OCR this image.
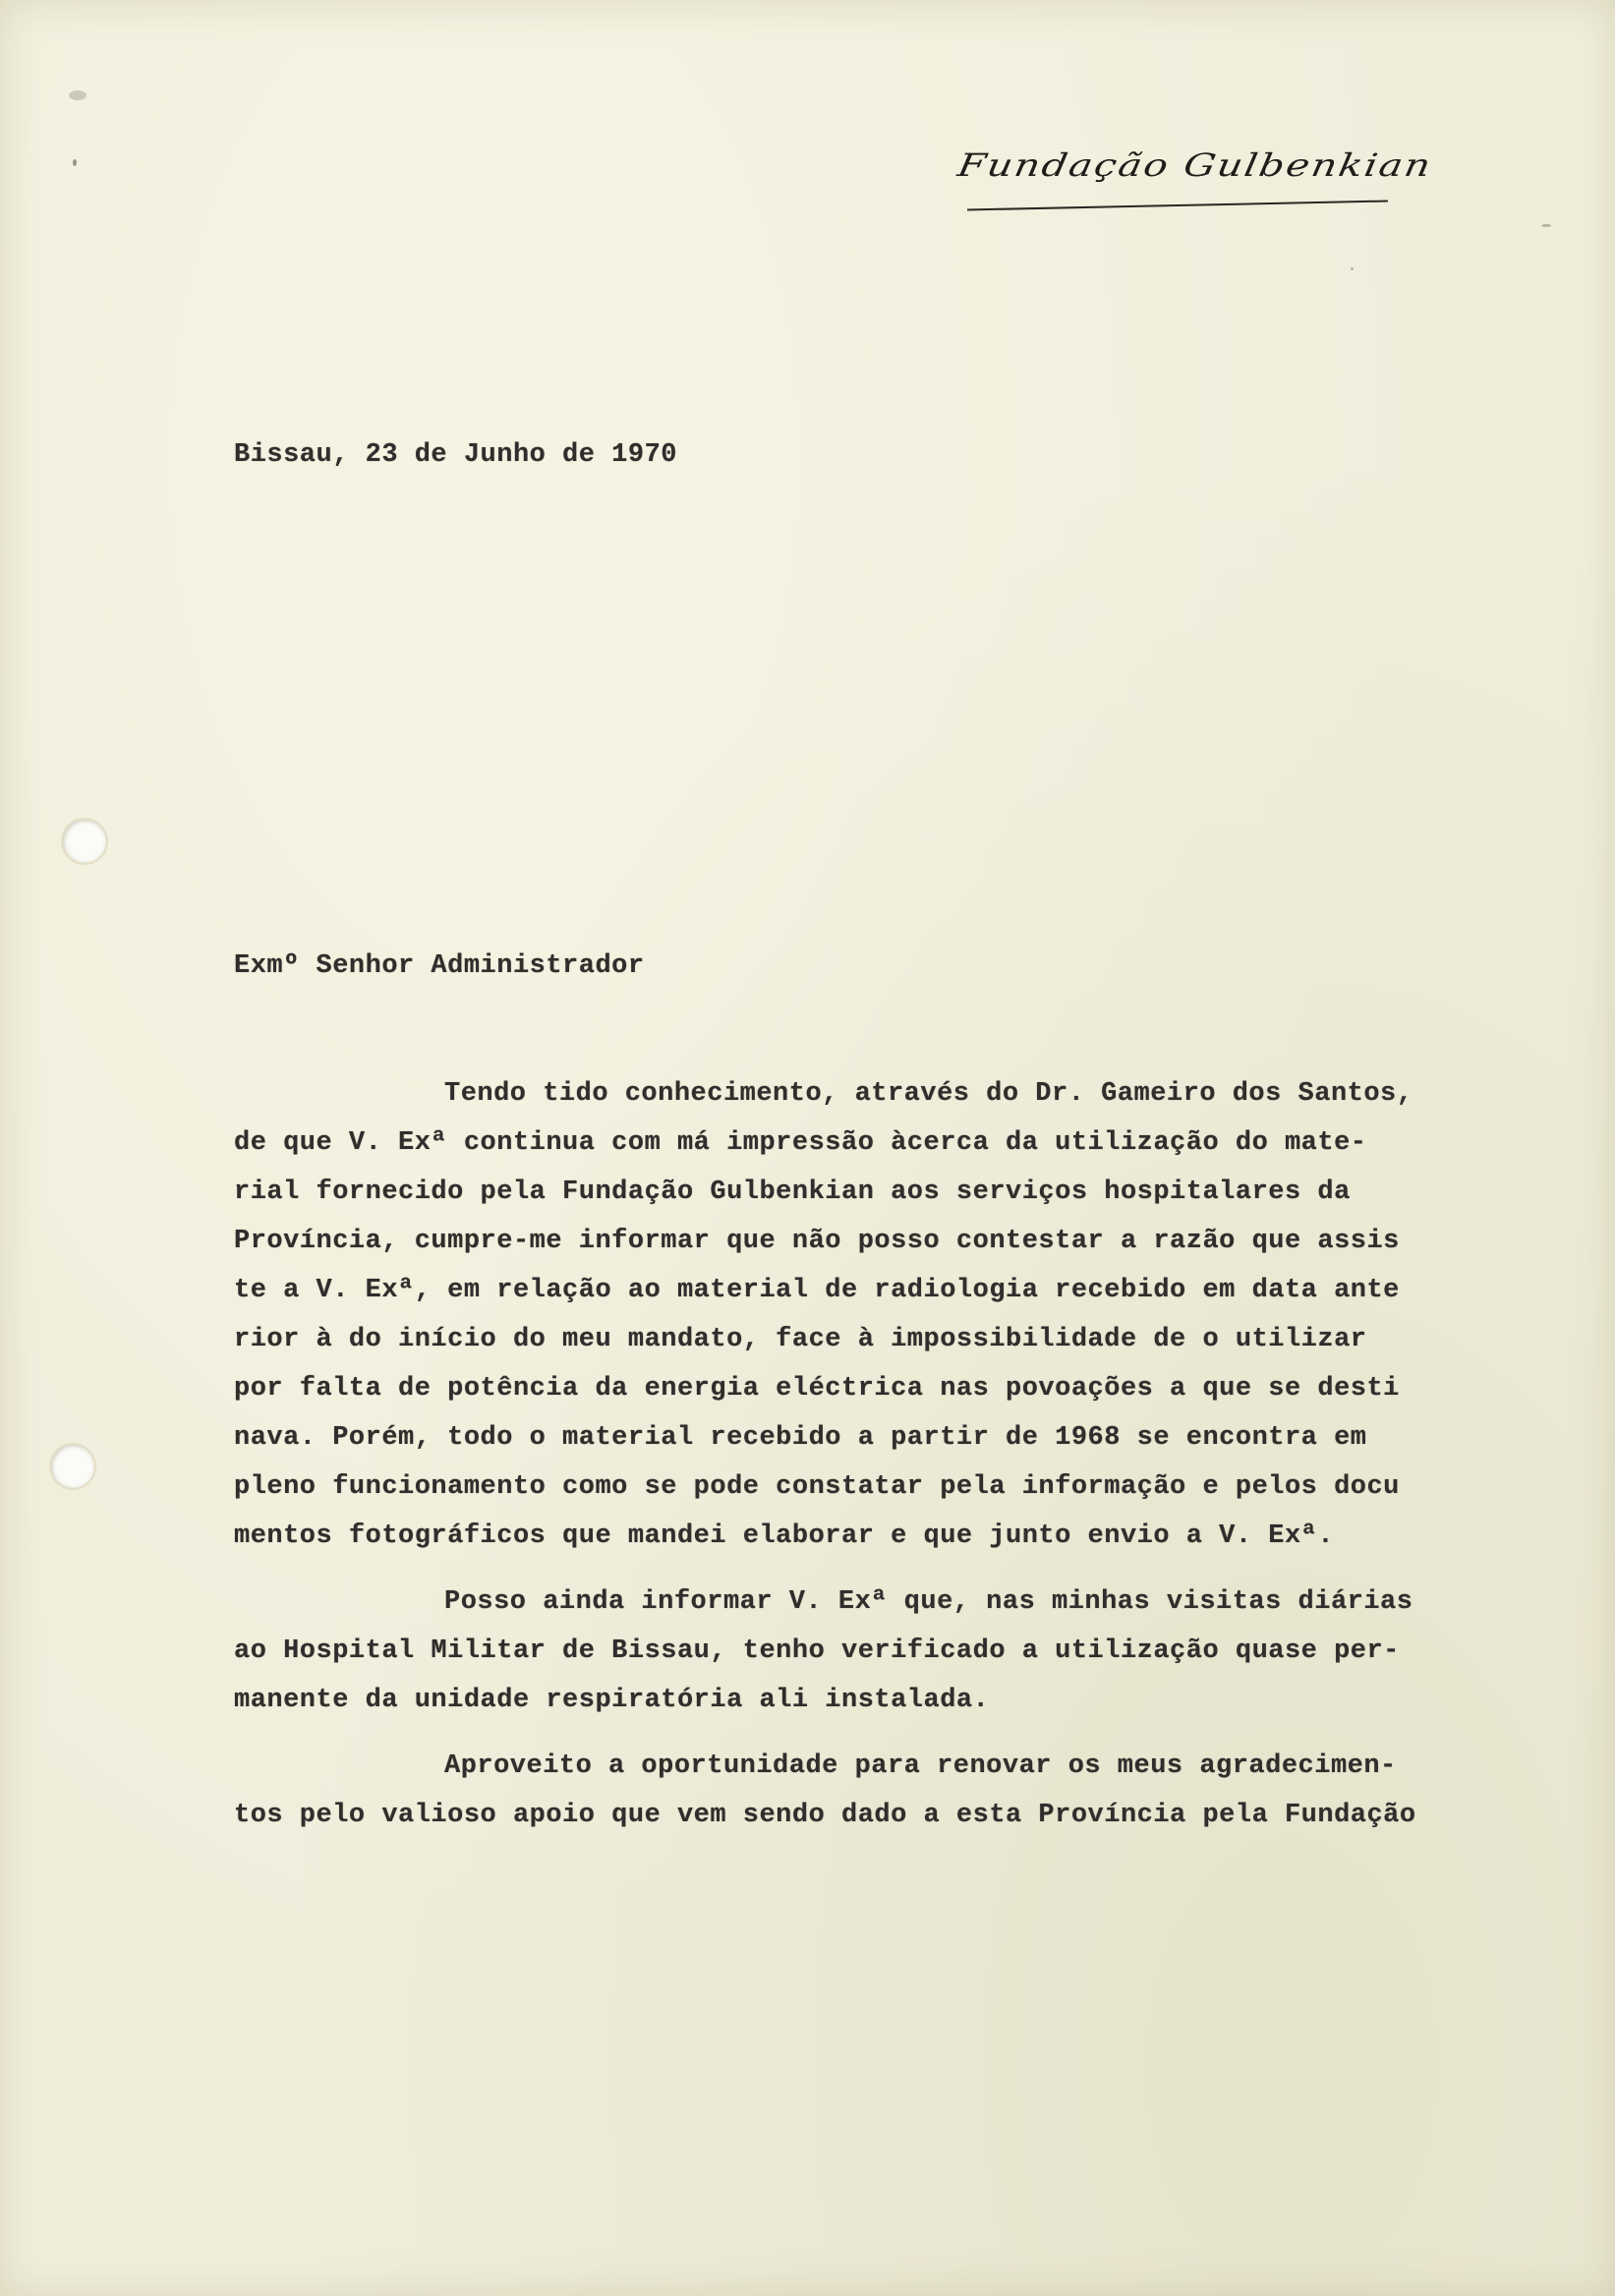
Fundação Gulbenkian
Bissau, 23 de Junho de 1970
Exmº Senhor Administrador
Tendo tido conhecimento, através do Dr. Gameiro dos Santos,
de que V. Exª continua com má impressão àcerca da utilização do mate-
rial fornecido pela Fundação Gulbenkian aos serviços hospitalares da
Província, cumpre-me informar que não posso contestar a razão que assis
te a V. Exª, em relação ao material de radiologia recebido em data ante
rior à do início do meu mandato, face à impossibilidade de o utilizar
por falta de potência da energia eléctrica nas povoações a que se desti
nava. Porém, todo o material recebido a partir de 1968 se encontra em
pleno funcionamento como se pode constatar pela informação e pelos docu
mentos fotográficos que mandei elaborar e que junto envio a V. Exª.
Posso ainda informar V. Exª que, nas minhas visitas diárias
ao Hospital Militar de Bissau, tenho verificado a utilização quase per-
manente da unidade respiratória ali instalada.
Aproveito a oportunidade para renovar os meus agradecimen-
tos pelo valioso apoio que vem sendo dado a esta Província pela Fundação
